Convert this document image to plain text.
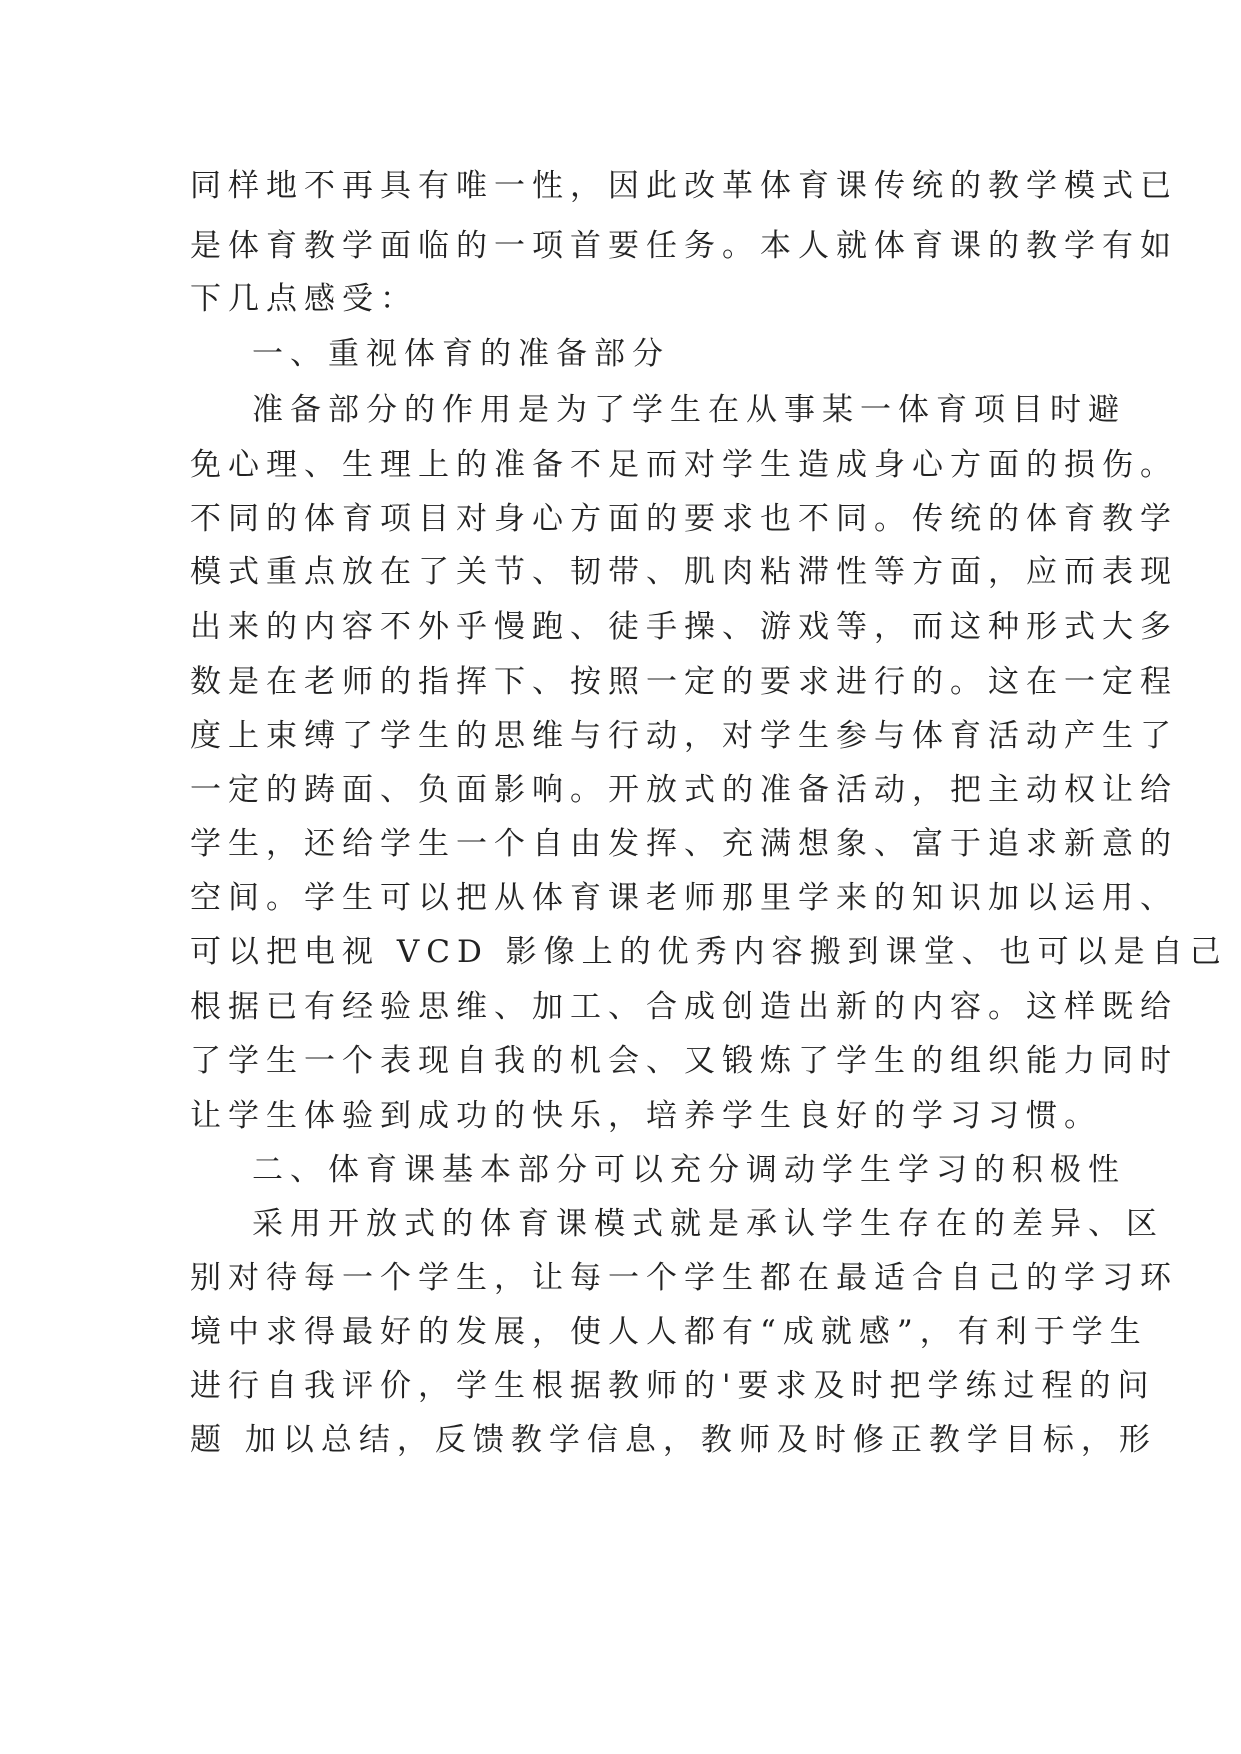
同样地不再具有唯一性，因此改革体育课传统的教学模式已
是体育教学面临的一项首要任务。本人就体育课的教学有如
下几点感受：
一、重视体育的准备部分
准备部分的作用是为了学生在从事某一体育项目时避
免心理、生理上的准备不足而对学生造成身心方面的损伤。
不同的体育项目对身心方面的要求也不同。传统的体育教学
模式重点放在了关节、韧带、肌肉粘滞性等方面，应而表现
出来的内容不外乎慢跑、徒手操、游戏等，而这种形式大多
数是在老师的指挥下、按照一定的要求进行的。这在一定程
度上束缚了学生的思维与行动，对学生参与体育活动产生了
一定的踌面、负面影响。开放式的准备活动，把主动权让给
学生，还给学生一个自由发挥、充满想象、富于追求新意的
空间。学生可以把从体育课老师那里学来的知识加以运用、
可以把电视 VCD 影像上的优秀内容搬到课堂、也可以是自己
根据已有经验思维、加工、合成创造出新的内容。这样既给
了学生一个表现自我的机会、又锻炼了学生的组织能力同时
让学生体验到成功的快乐，培养学生良好的学习习惯。
二、体育课基本部分可以充分调动学生学习的积极性
采用开放式的体育课模式就是承认学生存在的差异、区
别对待每一个学生，让每一个学生都在最适合自己的学习环
境中求得最好的发展，使人人都有“成就感”，有利于学生
进行自我评价，学生根据教师的'要求及时把学练过程的问
题 加以总结，反馈教学信息，教师及时修正教学目标，形
